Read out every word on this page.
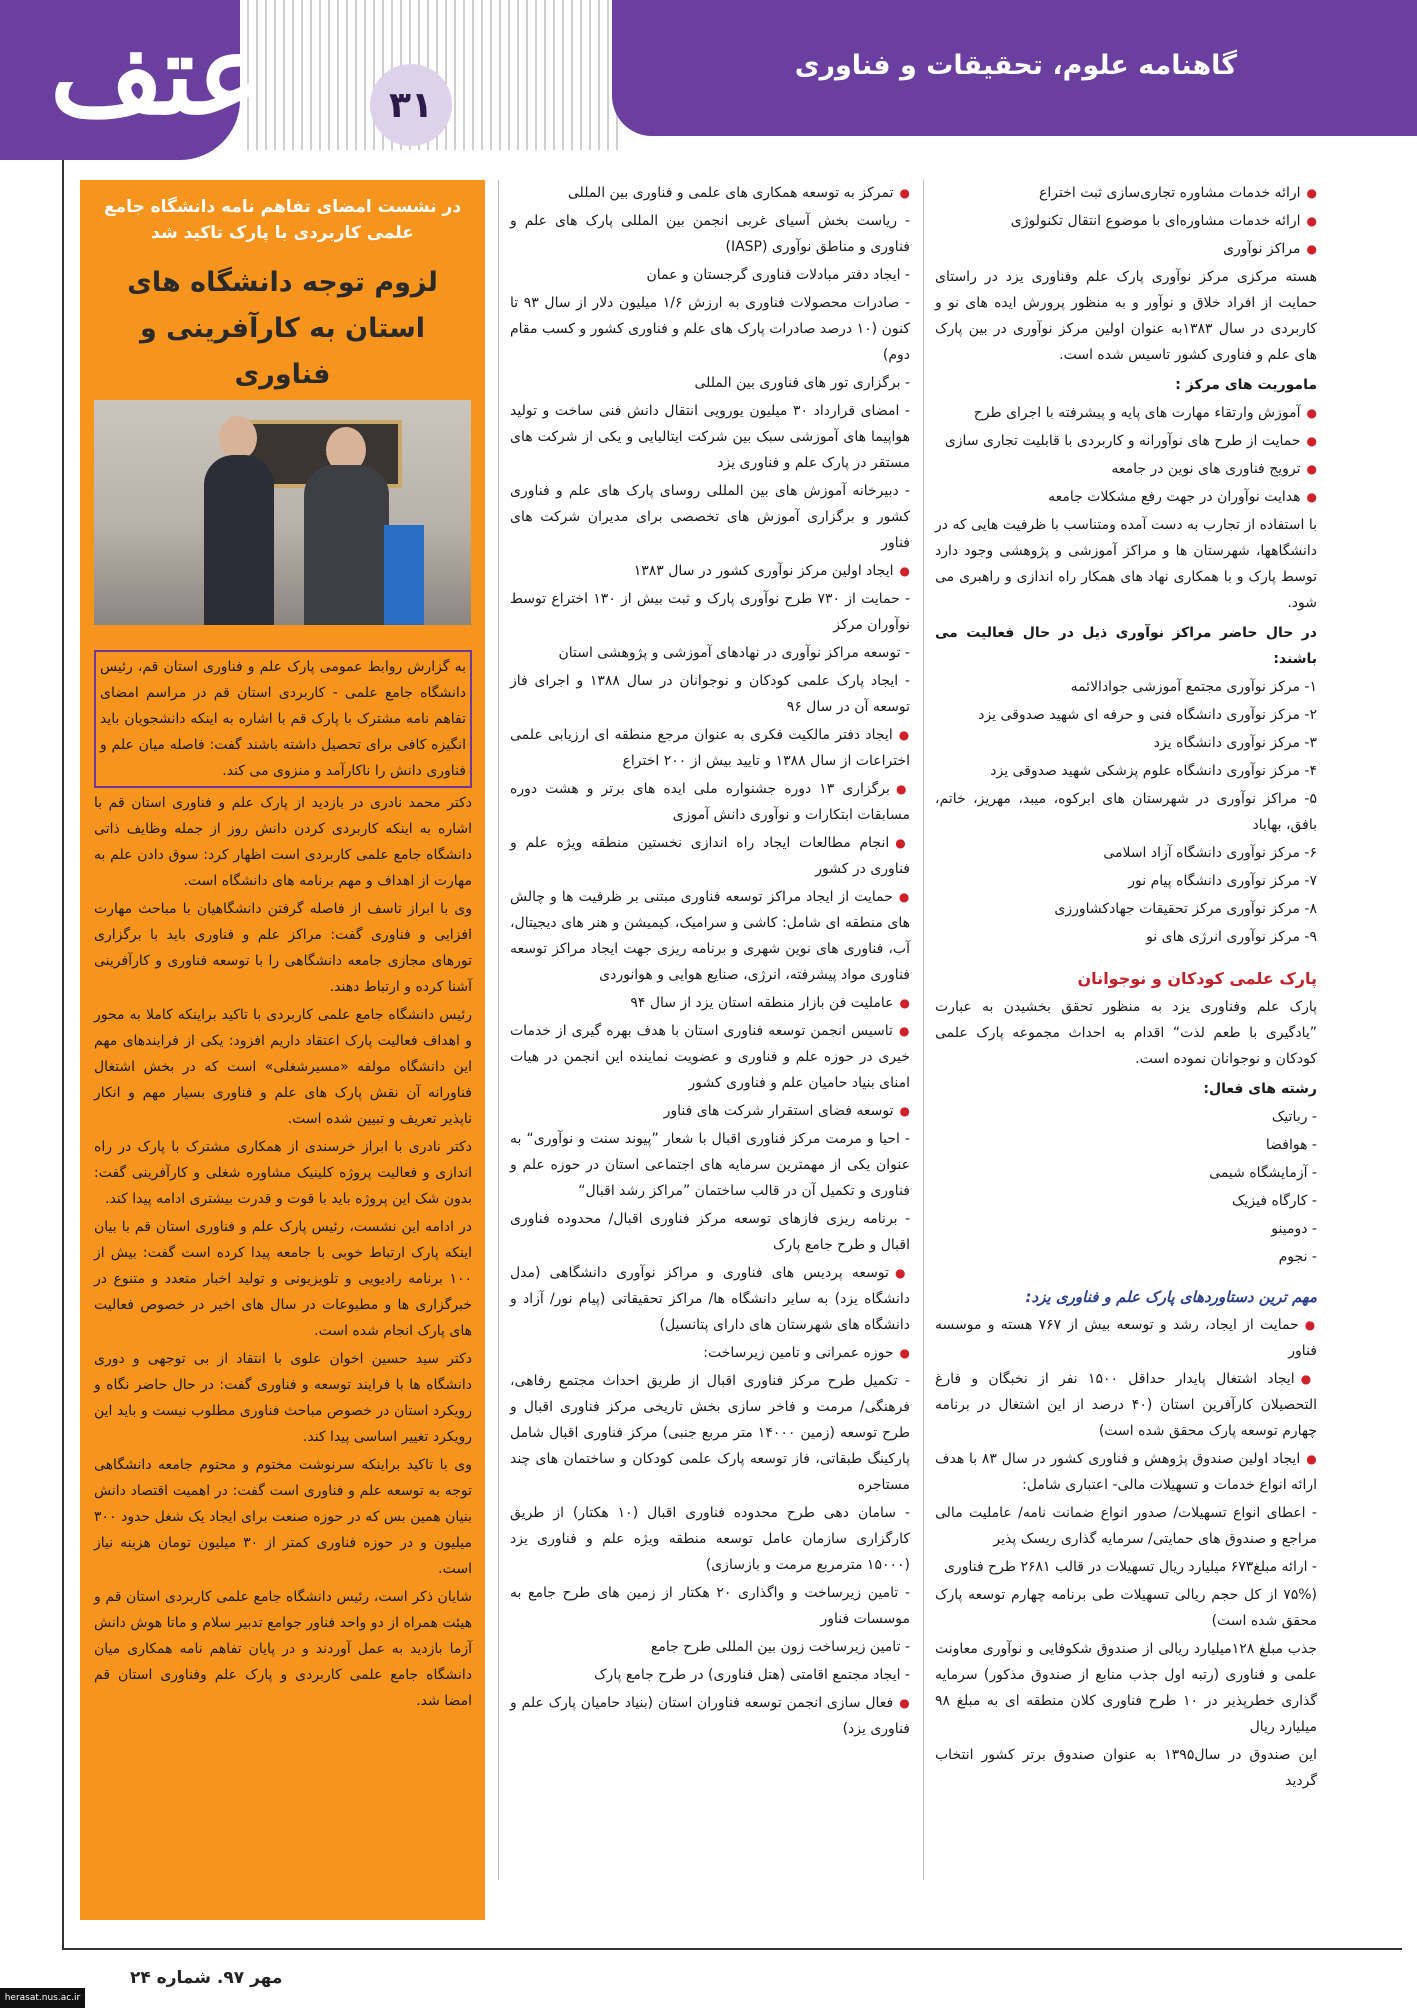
گاهنامه علوم، تحقیقات و فناوری
عتف	۳۱

● ارائه خدمات مشاوره تجاری‌سازی ثبت اختراع

● ارائه خدمات مشاوره‌ای با موضوع انتقال تکنولوژی

● مراکز نوآوری

هسته مرکزی مرکز نوآوری پارک علم وفناوری یزد در راستای حمایت از افراد خلاق و نوآور و به منظور پرورش ایده های نو و کاربردی در سال ۱۳۸۳به عنوان اولین مرکز نوآوری در بین پارک های علم و فناوری کشور تاسیس شده است.

ماموریت های مرکز :

● آموزش وارتقاء مهارت های پایه و پیشرفته با اجرای طرح

● حمایت از طرح های نوآورانه و کاربردی با قابلیت تجاری سازی

● ترویج فناوری های نوین در جامعه

● هدایت نوآوران در جهت رفع مشکلات جامعه

با استفاده از تجارب به دست آمده ومتناسب با ظرفیت هایی که در دانشگاهها، شهرستان ها و مراکز آموزشی و پژوهشی وجود دارد توسط پارک و با همکاری نهاد های همکار راه اندازی و راهبری می شود.

در حال حاضر مراکز نوآوری ذیل در حال فعالیت می باشند:

۱- مرکز نوآوری مجتمع آموزشی جوادالائمه

۲- مرکز نوآوری دانشگاه فنی و حرفه ای شهید صدوقی یزد

۳- مرکز نوآوری دانشگاه یزد

۴- مرکز نوآوری دانشگاه علوم پزشکی شهید صدوقی یزد

۵- مراکز نوآوری در شهرستان های ابرکوه، میبد، مهریز، خاتم، بافق، بهاباد

۶- مرکز نوآوری دانشگاه آزاد اسلامی

۷- مرکز نوآوری دانشگاه پیام نور

۸- مرکز نوآوری مرکز تحقیقات جهادکشاورزی

۹- مرکز نوآوری انرژی های نو

پارک علمی کودکان و نوجوانان

پارک علم وفناوری یزد به منظور تحقق بخشیدن به عبارت ”یادگیری با طعم لذت“ اقدام به احداث مجموعه پارک علمی کودکان و نوجوانان نموده است.

رشته های فعال:

- رباتیک

- هوافضا

- آزمایشگاه شیمی

- کارگاه فیزیک

- دومینو

- نجوم

مهم ترین دستاوردهای پارک علم و فناوری یزد:

● حمایت از ایجاد، رشد و توسعه بیش از ۷۶۷ هسته و موسسه فناور

● ایجاد اشتغال پایدار حداقل ۱۵۰۰ نفر از نخبگان و فارغ التحصیلان کارآفرین استان (۴۰ درصد از این اشتغال در برنامه چهارم توسعه پارک محقق شده است)

● ایجاد اولین صندوق پژوهش و فناوری کشور در سال ۸۳ با هدف ارائه انواع خدمات و تسهیلات مالی- اعتباری شامل:

- اعطای انواع تسهیلات/ صدور انواع ضمانت نامه/ عاملیت مالی مراجع و صندوق های حمایتی/ سرمایه گذاری ریسک پذیر

- ارائه مبلغ۶۷۳ میلیارد ریال تسهیلات در قالب ۲۶۸۱ طرح فناوری

(۷۵% از کل حجم ریالی تسهیلات طی برنامه چهارم توسعه پارک محقق شده است)

جذب مبلغ ۱۲۸میلیارد ریالی از صندوق شکوفایی و نوآوری معاونت علمی و فناوری (رتبه اول جذب منابع از صندوق مذکور) سرمایه گذاری خطرپذیر در ۱۰ طرح فناوری کلان منطقه ای به مبلغ ۹۸ میلیارد ریال

این صندوق در سال۱۳۹۵ به عنوان صندوق برتر کشور انتخاب گردید

● تمرکز به توسعه همکاری های علمی و فناوری بین المللی

- ریاست بخش آسیای غربی انجمن بین المللی پارک های علم و فناوری و مناطق نوآوری (IASP)

- ایجاد دفتر مبادلات فناوری گرجستان و عمان

- صادرات محصولات فناوری به ارزش ۱/۶ میلیون دلار از سال ۹۳ تا کنون (۱۰ درصد صادرات پارک های علم و فناوری کشور و کسب مقام دوم)

- برگزاری تور های فناوری بین المللی

- امضای قرارداد ۳۰ میلیون یورویی انتقال دانش فنی ساخت و تولید هواپیما های آموزشی سبک بین شرکت ایتالیایی و یکی از شرکت های مستقر در پارک علم و فناوری یزد

- دبیرخانه آموزش های بین المللی روسای پارک های علم و فناوری کشور و برگزاری آموزش های تخصصی برای مدیران شرکت های فناور

● ایجاد اولین مرکز نوآوری کشور در سال ۱۳۸۳

- حمایت از ۷۳۰ طرح نوآوری پارک و ثبت بیش از ۱۳۰ اختراع توسط نوآوران مرکز

- توسعه مراکز نوآوری در نهادهای آموزشی و پژوهشی استان

- ایجاد پارک علمی کودکان و نوجوانان در سال ۱۳۸۸ و اجرای فاز توسعه آن در سال ۹۶

● ایجاد دفتر مالکیت فکری به عنوان مرجع منطقه ای ارزیابی علمی اختراعات از سال ۱۳۸۸ و تایید بیش از ۲۰۰ اختراع

● برگزاری ۱۳ دوره جشنواره ملی ایده های برتر و هشت دوره مسابقات ابتکارات و نوآوری دانش آموزی

● انجام مطالعات ایجاد راه اندازی نخستین منطقه ویژه علم و فناوری در کشور

● حمایت از ایجاد مراکز توسعه فناوری مبتنی بر ظرفیت ها و چالش های منطقه ای شامل: کاشی و سرامیک، کیمیشن و هنر های دیجیتال، آب، فناوری های نوین شهری و برنامه ریزی جهت ایجاد مراکز توسعه فناوری مواد پیشرفته، انرژی، صنایع هوایی و هوانوردی

● عاملیت فن بازار منطقه استان یزد از سال ۹۴

● تاسیس انجمن توسعه فناوری استان با هدف بهره گیری از خدمات خیری در حوزه علم و فناوری و عضویت نماینده این انجمن در هیات امنای بنیاد حامیان علم و فناوری کشور

● توسعه فضای استقرار شرکت های فناور

- احیا و مرمت مرکز فناوری اقبال با شعار ”پیوند سنت و نوآوری“ به عنوان یکی از مهمترین سرمایه های اجتماعی استان در حوزه علم و فناوری و تکمیل آن در قالب ساختمان ”مراکز رشد اقبال“

- برنامه ریزی فازهای توسعه مرکز فناوری اقبال/ محدوده فناوری اقبال و طرح جامع پارک

● توسعه پردیس های فناوری و مراکز نوآوری دانشگاهی (مدل دانشگاه یزد) به سایر دانشگاه ها/ مراکز تحقیقاتی (پیام نور/ آزاد و دانشگاه های شهرستان های دارای پتانسیل)

● حوزه عمرانی و تامین زیرساخت:

- تکمیل طرح مرکز فناوری اقبال از طریق احداث مجتمع رفاهی، فرهنگی/ مرمت و فاخر سازی بخش تاریخی مرکز فناوری اقبال و طرح توسعه (زمین ۱۴۰۰۰ متر مربع جنبی) مرکز فناوری اقبال شامل پارکینگ طبقاتی، فاز توسعه پارک علمی کودکان و ساختمان های چند مستاجره

- سامان دهی طرح محدوده فناوری اقبال (۱۰ هکتار) از طریق کارگزاری سازمان عامل توسعه منطقه ویژه علم و فناوری یزد (۱۵۰۰۰ مترمربع مرمت و بازسازی)

- تامین زیرساخت و واگذاری ۲۰ هکتار از زمین های طرح جامع به موسسات فناور

- تامین زیرساخت زون بین المللی طرح جامع

- ایجاد مجتمع اقامتی (هتل فناوری) در طرح جامع پارک

● فعال سازی انجمن توسعه فناوران استان (بنیاد حامیان پارک علم و فناوری یزد)

در نشست امضای تفاهم نامه دانشگاه جامع علمی کاربردی با پارک تاکید شد
لزوم توجه دانشگاه های استان به کارآفرینی و فناوری

به گزارش روابط عمومی پارک علم و فناوری استان قم، رئیس دانشگاه جامع علمی - کاربردی استان قم در مراسم امضای تفاهم نامه مشترک با پارک قم با اشاره به اینکه دانشجویان باید انگیزه کافی برای تحصیل داشته باشند گفت: فاصله میان علم و فناوری دانش را ناکارآمد و منزوی می کند.

دکتر محمد نادری در بازدید از پارک علم و فناوری استان قم با اشاره به اینکه کاربردی کردن دانش روز از جمله وظایف ذاتی دانشگاه جامع علمی کاربردی است اظهار کرد: سوق دادن علم به مهارت از اهداف و مهم برنامه های دانشگاه است.

وی با ابراز تاسف از فاصله گرفتن دانشگاهیان با مباحث مهارت افزایی و فناوری گفت: مراکز علم و فناوری باید با برگزاری تورهای مجازی جامعه دانشگاهی را با توسعه فناوری و کارآفرینی آشنا کرده و ارتباط دهند.

رئیس دانشگاه جامع علمی کاربردی با تاکید براینکه کاملا به محور و اهداف فعالیت پارک اعتقاد داریم افزود: یکی از فرایندهای مهم این دانشگاه مولفه «مسیرشغلی» است که در بخش اشتغال فناورانه آن نقش پارک های علم و فناوری بسیار مهم و انکار ناپذیر تعریف و تبیین شده است.

دکتر نادری با ابراز خرسندی از همکاری مشترک با پارک در راه اندازی و فعالیت پروژه کلینیک مشاوره شغلی و کارآفرینی گفت: بدون شک این پروژه باید با قوت و قدرت بیشتری ادامه پیدا کند.

در ادامه این نشست، رئیس پارک علم و فناوری استان قم با بیان اینکه پارک ارتباط خوبی با جامعه پیدا کرده است گفت: بیش از ۱۰۰ برنامه رادیویی و تلویزیونی و تولید اخبار متعدد و متنوع در خبرگزاری ها و مطبوعات در سال های اخیر در خصوص فعالیت های پارک انجام شده است.

دکتر سید حسین اخوان علوی با انتقاد از بی توجهی و دوری دانشگاه ها با فرایند توسعه و فناوری گفت: در حال حاضر نگاه و رویکرد استان در خصوص مباحث فناوری مطلوب نیست و باید این رویکرد تغییر اساسی پیدا کند.

وی با تاکید براینکه سرنوشت مختوم و محتوم جامعه دانشگاهی توجه به توسعه علم و فناوری است گفت: در اهمیت اقتصاد دانش بنیان همین بس که در حوزه صنعت برای ایجاد یک شغل حدود ۳۰۰ میلیون و در حوزه فناوری کمتر از ۳۰ میلیون تومان هزینه نیاز است.

شایان ذکر است، رئیس دانشگاه جامع علمی کاربردی استان قم و هیئت همراه از دو واحد فناور جوامع تدبیر سلام و ماتا هوش دانش آزما بازدید به عمل آوردند و در پایان تفاهم نامه همکاری میان دانشگاه جامع علمی کاربردی و پارک علم وفناوری استان قم امضا شد.

مهر ۹۷. شماره ۲۴
herasat.nus.ac.ir
